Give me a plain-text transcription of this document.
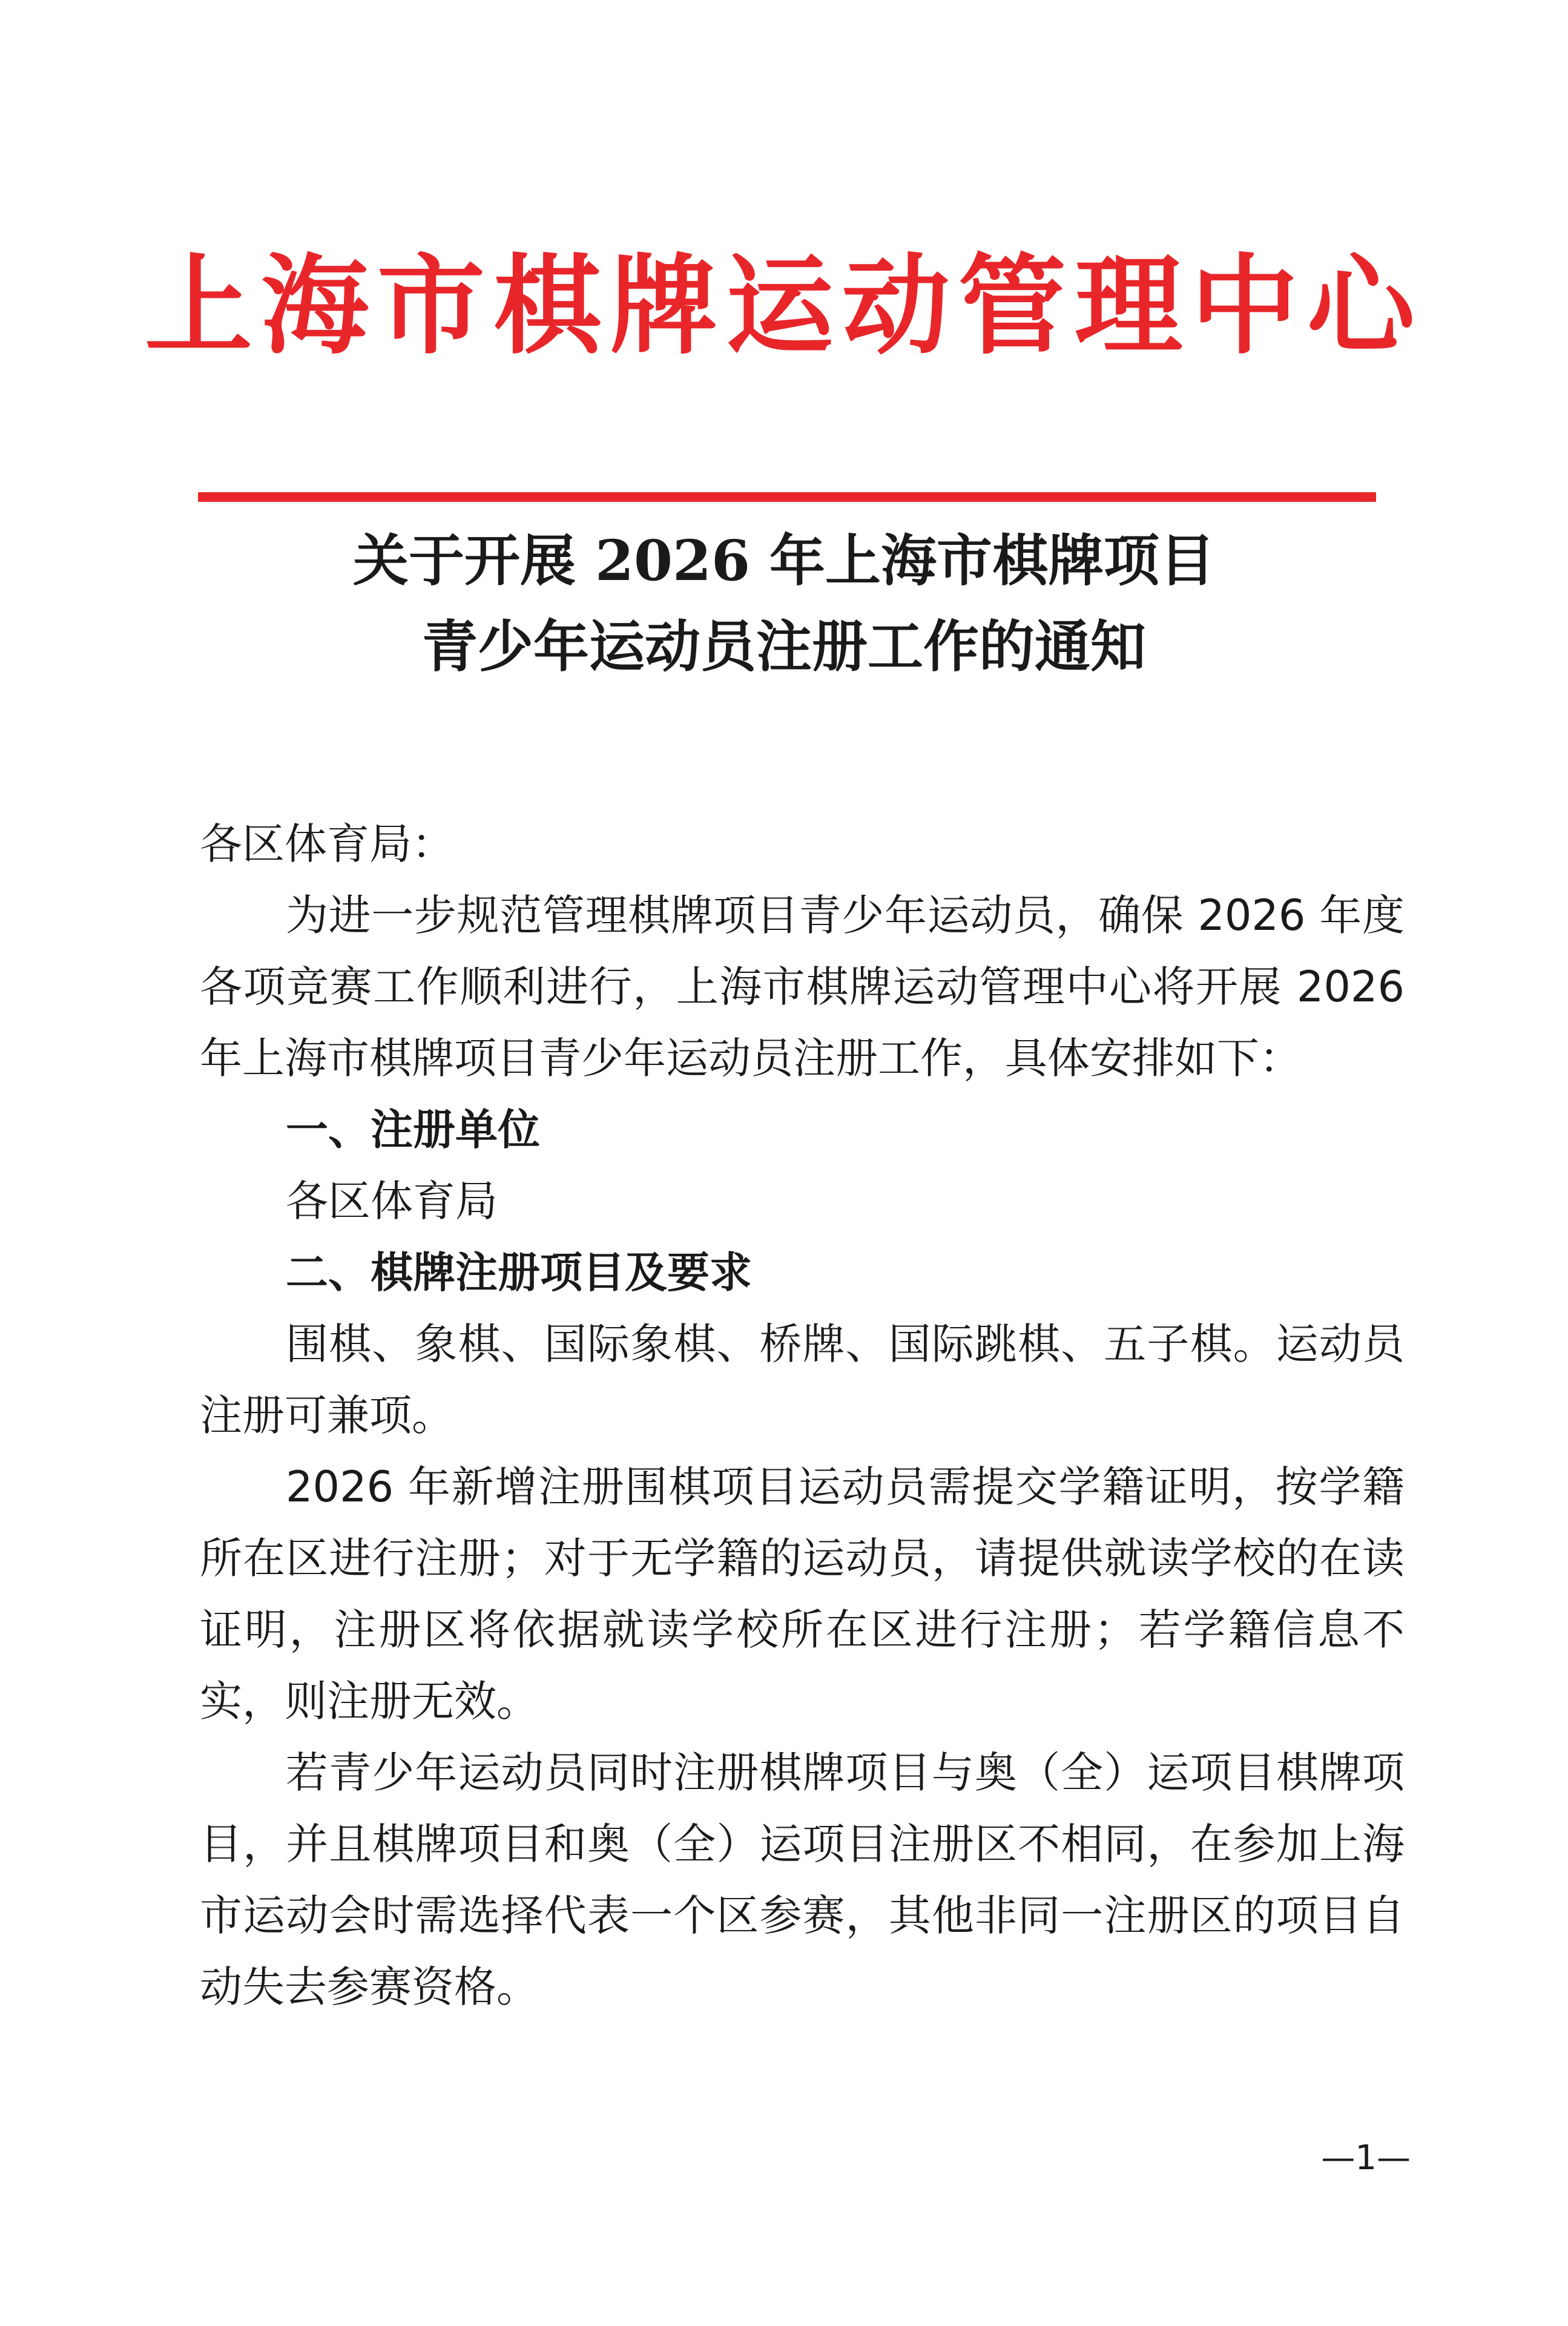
上海市棋牌运动管理中心
关于开展 2026 年上海市棋牌项目
青少年运动员注册工作的通知

各区体育局：

为进一步规范管理棋牌项目青少年运动员，确保 2026 年度各项竞赛工作顺利进行，上海市棋牌运动管理中心将开展 2026 年上海市棋牌项目青少年运动员注册工作，具体安排如下：

一、注册单位

各区体育局

二、棋牌注册项目及要求

围棋、象棋、国际象棋、桥牌、国际跳棋、五子棋。运动员注册可兼项。

2026 年新增注册围棋项目运动员需提交学籍证明，按学籍所在区进行注册；对于无学籍的运动员，请提供就读学校的在读证明，注册区将依据就读学校所在区进行注册；若学籍信息不实，则注册无效。

若青少年运动员同时注册棋牌项目与奥（全）运项目棋牌项目，并且棋牌项目和奥（全）运项目注册区不相同，在参加上海市运动会时需选择代表一个区参赛，其他非同一注册区的项目自动失去参赛资格。

—1—
